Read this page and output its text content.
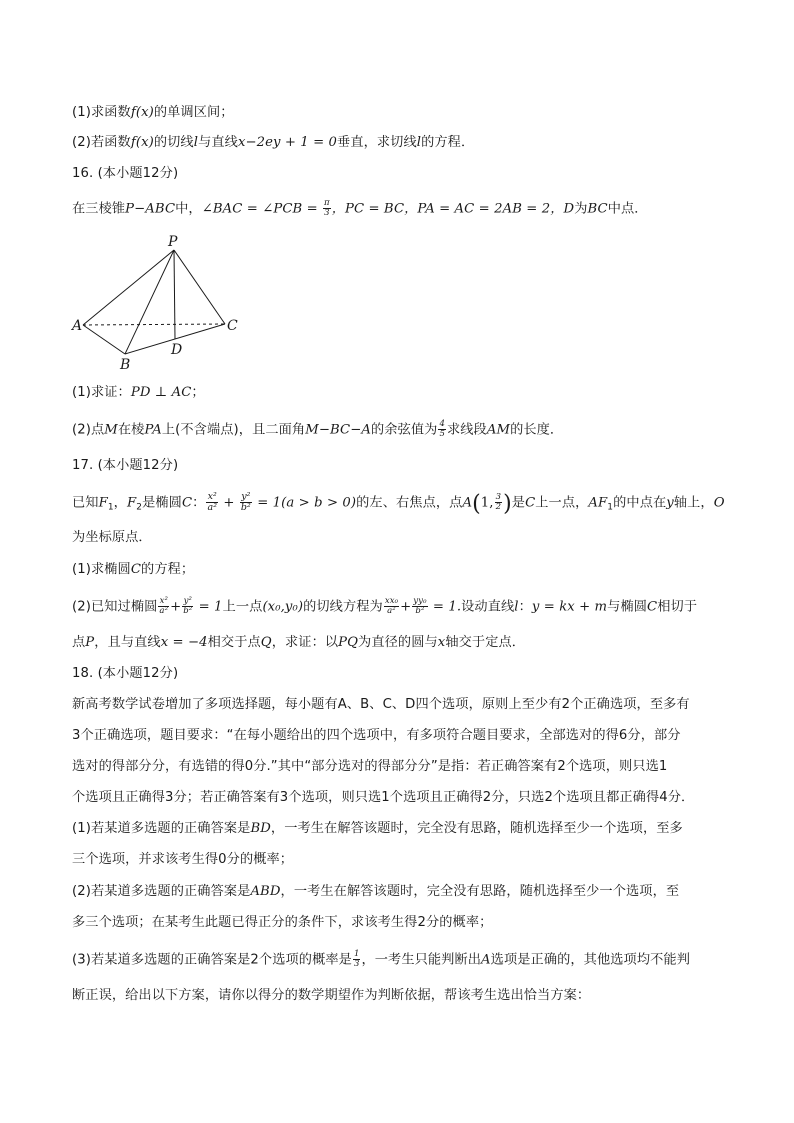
(1)求函数f(x)的单调区间；
(2)若函数f(x)的切线l与直线x−2ey + 1 = 0垂直，求切线l的方程．
16. (本小题12分)
在三棱锥P−ABC中，∠BAC = ∠PCB = $\frac{\pi}{3}$ ，PC = BC，PA = AC = 2AB = 2，D为BC中点．
P
A
B
C
D
(1)求证：PD ⊥ AC；
(2)点M在棱PA上(不含端点)，且二面角M−BC−A的余弦值为 $\frac{4}{5}$ 求线段AM的长度．
17. (本小题12分)
已知$F_1$，$F_2$是椭圆C： $\frac{\text{x²}}{\text{a²}} + \frac{\text{y²}}{\text{b²}} = 1(a > b > 0)$的左、右焦点，点A(1, $\frac{3}{2}$ )是C上一点，$AF_1$的中点在y轴上，O
为坐标原点．
(1)求椭圆C的方程；
(2)已知过椭圆 $\frac{\text{x²}}{\text{a²}} + \frac{\text{y²}}{\text{b²}} = 1$上一点(x₀,y₀)的切线方程为 $\frac{\text{xx₀}}{\text{a²}} + \frac{\text{yy₀}}{\text{b²}} = 1$.设动直线l：y = kx + m与椭圆C相切于
点P，且与直线x = −4相交于点Q，求证：以PQ为直径的圆与x轴交于定点．
18. (本小题12分)
新高考数学试卷增加了多项选择题，每小题有A、B、C、D四个选项，原则上至少有2个正确选项，至多有
3个正确选项，题目要求：“在每小题给出的四个选项中，有多项符合题目要求，全部选对的得6分，部分
选对的得部分分，有选错的得0分.”其中“部分选对的得部分分”是指：若正确答案有2个选项，则只选1
个选项且正确得3分；若正确答案有3个选项，则只选1个选项且正确得2分，只选2个选项且都正确得4分．
(1)若某道多选题的正确答案是BD，一考生在解答该题时，完全没有思路，随机选择至少一个选项，至多
三个选项，并求该考生得0分的概率；
(2)若某道多选题的正确答案是ABD，一考生在解答该题时，完全没有思路，随机选择至少一个选项，至
多三个选项；在某考生此题已得正分的条件下，求该考生得2分的概率；
(3)若某道多选题的正确答案是2个选项的概率是 $\frac{1}{3}$ ，一考生只能判断出A选项是正确的，其他选项均不能判
断正误，给出以下方案，请你以得分的数学期望作为判断依据，帮该考生选出恰当方案：
